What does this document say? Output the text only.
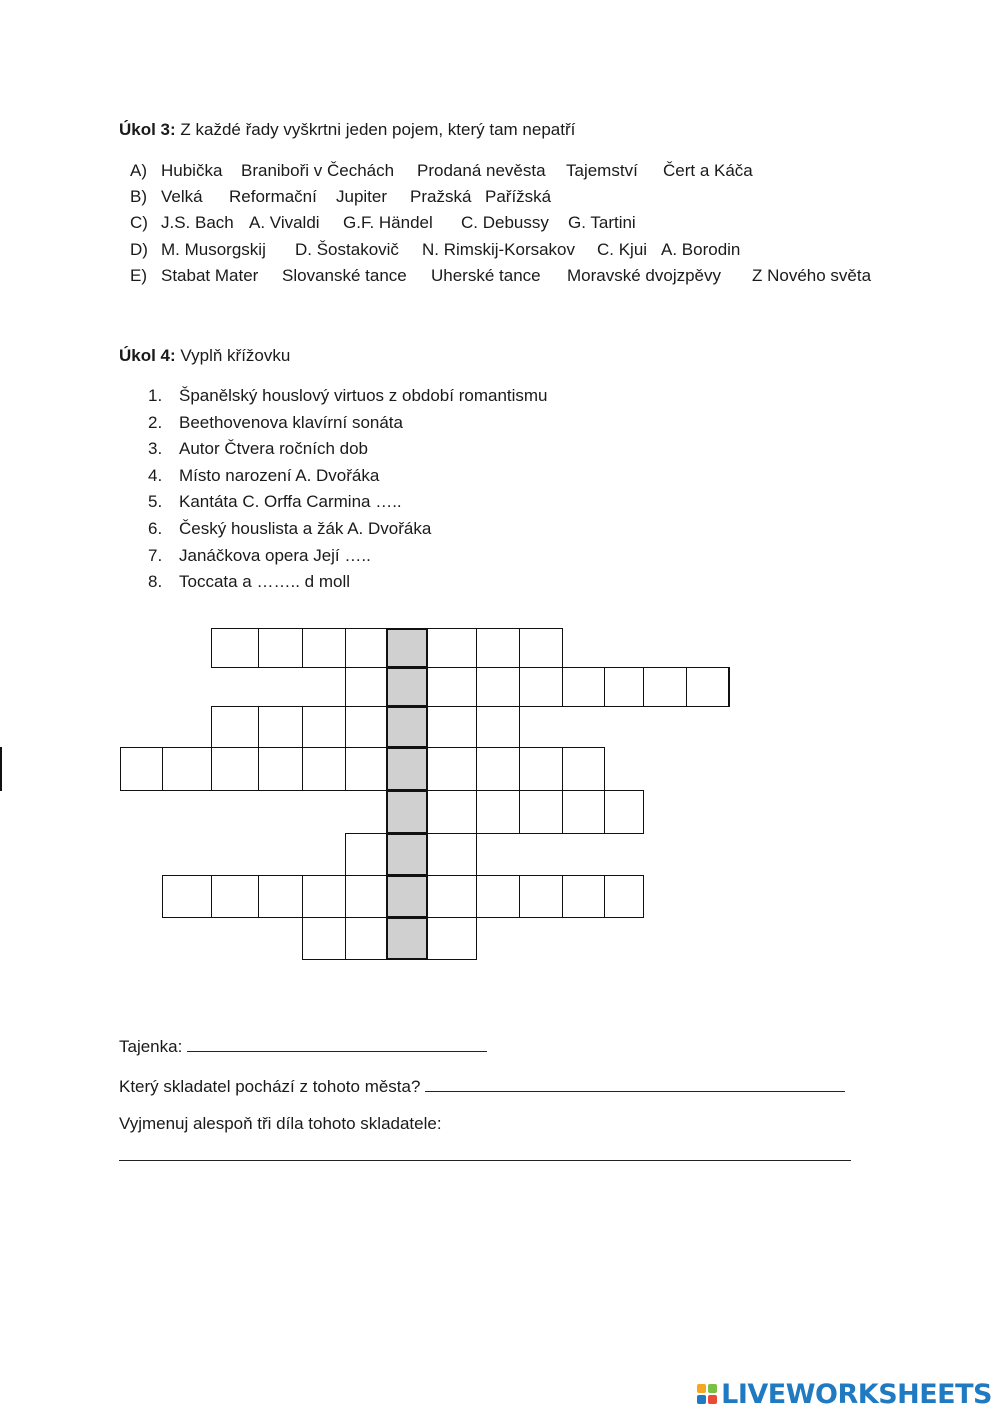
Úkol 3: Z každé řady vyškrtni jeden pojem, který tam nepatří
A) Hubička Braniboři v Čechách Prodaná nevěsta Tajemství Čert a Káča
B) Velká Reformační Jupiter Pražská Pařížská
C) J.S. Bach A. Vivaldi G.F. Händel C. Debussy G. Tartini
D) M. Musorgskij D. Šostakovič N. Rimskij-Korsakov C. Kjui A. Borodin
E) Stabat Mater Slovanské tance Uherské tance Moravské dvojzpěvy Z Nového světa
Úkol 4: Vyplň křížovku
1. Španělský houslový virtuos z období romantismu
2. Beethovenova klavírní sonáta
3. Autor Čtvera ročních dob
4. Místo narození A. Dvořáka
5. Kantáta C. Orffa Carmina …..
6. Český houslista a žák A. Dvořáka
7. Janáčkova opera Její …..
8. Toccata a …….. d moll
Tajenka:
Který skladatel pochází z tohoto města?
Vyjmenuj alespoň tři díla tohoto skladatele:
LIVEWORKSHEETS
